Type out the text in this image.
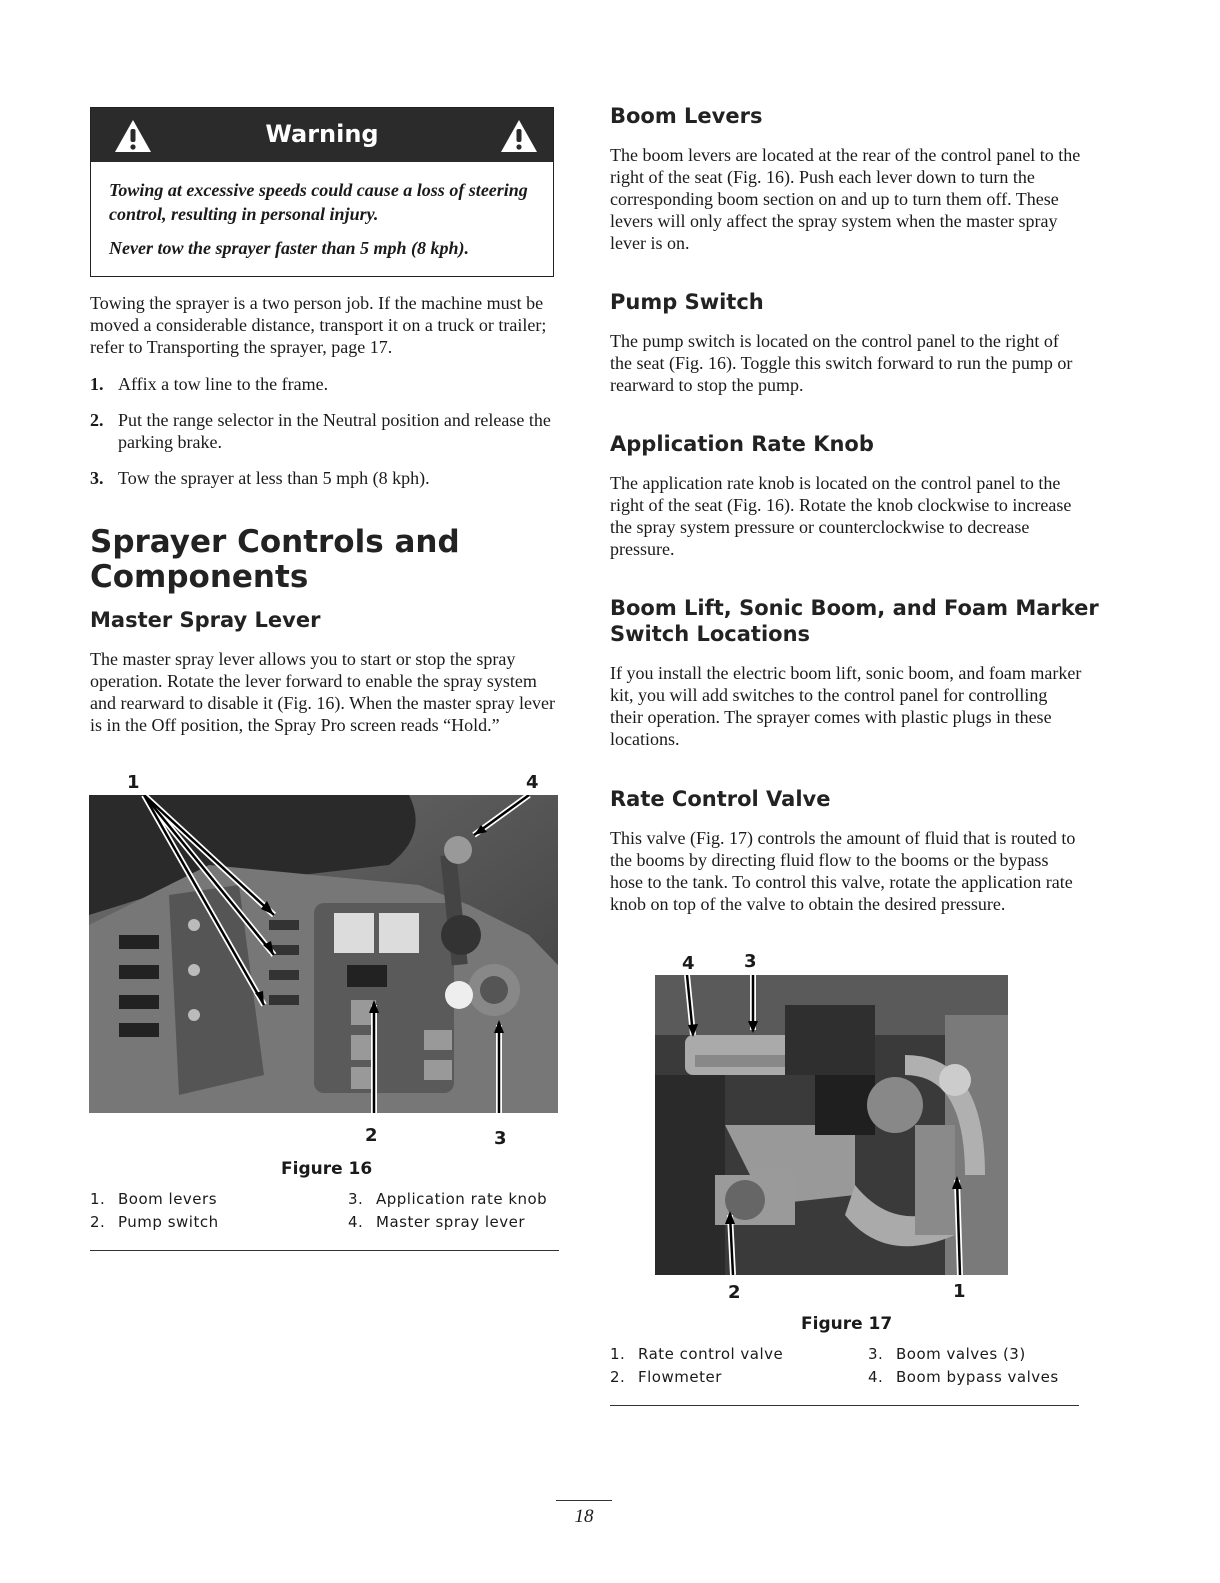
Warning

Towing at excessive speeds could cause a loss of steering control, resulting in personal injury.

Never tow the sprayer faster than 5 mph (8 kph).

Towing the sprayer is a two person job. If the machine must be moved a considerable distance, transport it on a truck or trailer; refer to Transporting the sprayer, page 17.

1. Affix a tow line to the frame.
2. Put the range selector in the Neutral position and release the parking brake.
3. Tow the sprayer at less than 5 mph (8 kph).
Sprayer Controls and
Components
Master Spray Lever

The master spray lever allows you to start or stop the spray operation. Rotate the lever forward to enable the spray system and rearward to disable it (Fig. 16). When the master spray lever is in the Off position, the Spray Pro screen reads “Hold.”

1	4
2	3
Figure 16
1. Boom levers
2. Pump switch
3. Application rate knob
4. Master spray lever
Boom Levers

The boom levers are located at the rear of the control panel to the right of the seat (Fig. 16). Push each lever down to turn the corresponding boom section on and up to turn them off. These levers will only affect the spray system when the master spray lever is on.

Pump Switch

The pump switch is located on the control panel to the right of the seat (Fig. 16). Toggle this switch forward to run the pump or rearward to stop the pump.

Application Rate Knob

The application rate knob is located on the control panel to the right of the seat (Fig. 16). Rotate the knob clockwise to increase the spray system pressure or counterclockwise to decrease pressure.

Boom Lift, Sonic Boom, and Foam Marker
Switch Locations

If you install the electric boom lift, sonic boom, and foam marker kit, you will add switches to the control panel for controlling their operation. The sprayer comes with plastic plugs in these locations.

Rate Control Valve

This valve (Fig. 17) controls the amount of fluid that is routed to the booms by directing fluid flow to the booms or the bypass hose to the tank. To control this valve, rotate the application rate knob on top of the valve to obtain the desired pressure.

4	3
2	1
Figure 17
1. Rate control valve
2. Flowmeter
3. Boom valves (3)
4. Boom bypass valves
18
